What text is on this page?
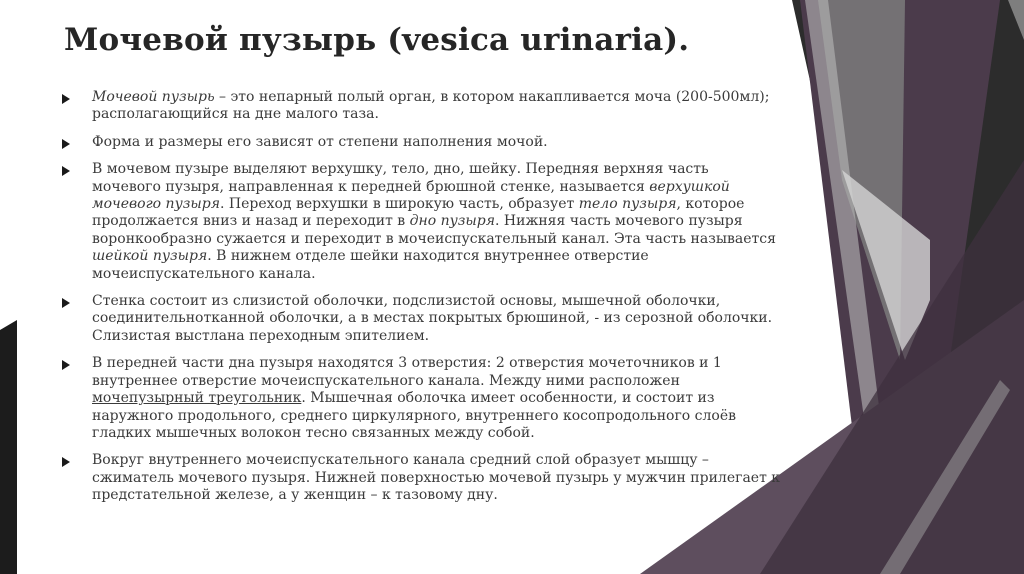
Мочевой пузырь (vesica urinaria).
Мочевой пузырь – это непарный полый орган, в котором накапливается моча (200-500мл); располагающийся на дне малого таза.
Форма и размеры его зависят от степени наполнения мочой.
В мочевом пузыре выделяют верхушку, тело, дно, шейку. Передняя верхняя часть мочевого пузыря, направленная к передней брюшной стенке, называется верхушкой мочевого пузыря. Переход верхушки в широкую часть, образует тело пузыря, которое продолжается вниз и назад и переходит в дно пузыря. Нижняя часть мочевого пузыря воронкообразно сужается и переходит в мочеиспускательный канал. Эта часть называется шейкой пузыря. В нижнем отделе шейки находится внутреннее отверстие мочеиспускательного канала.
Стенка состоит из слизистой оболочки, подслизистой основы, мышечной оболочки, соединительнотканной оболочки, а в местах покрытых брюшиной, - из серозной оболочки. Слизистая выстлана переходным эпителием.
В передней части дна пузыря находятся 3 отверстия: 2 отверстия мочеточников и 1 внутреннее отверстие мочеиспускательного канала. Между ними расположен мочепузырный треугольник. Мышечная оболочка имеет особенности, и состоит из наружного продольного, среднего циркулярного, внутреннего косопродольного слоёв гладких мышечных волокон тесно связанных между собой.
Вокруг внутреннего мочеиспускательного канала средний слой образует мышцу – сжиматель мочевого пузыря. Нижней поверхностью мочевой пузырь у мужчин прилегает к предстательной железе, а у женщин – к тазовому дну.
